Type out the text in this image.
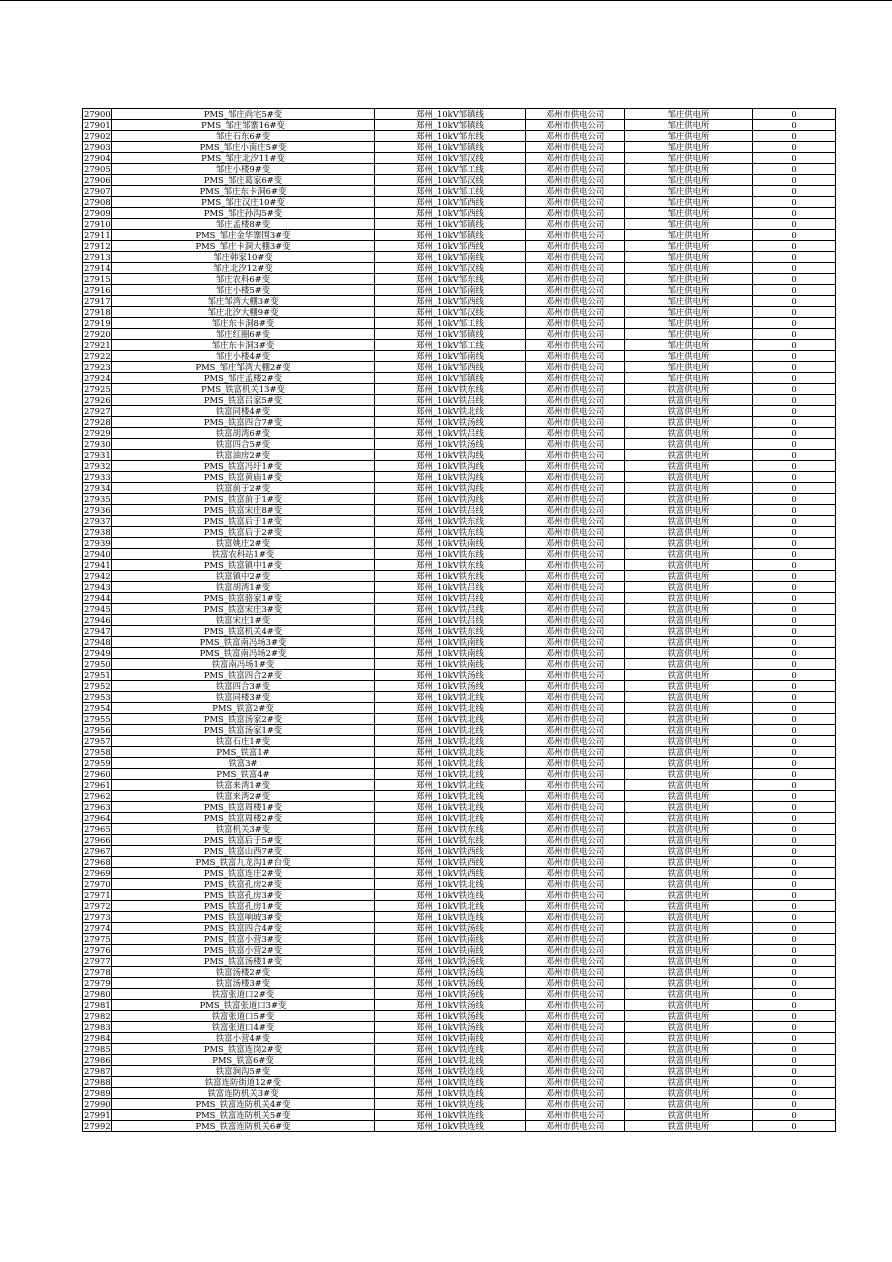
27900	PMS_邹庄尚宅5#变	郑州_10kV邹镇线	邓州市供电公司	邹庄供电所	0
27901	PMS_邹庄邹寨16#变	郑州_10kV邹镇线	邓州市供电公司	邹庄供电所	0
27902	邹庄石东6#变	郑州_10kV邹东线	邓州市供电公司	邹庄供电所	0
27903	PMS_邹庄小南庄5#变	郑州_10kV邹镇线	邓州市供电公司	邹庄供电所	0
27904	PMS_邹庄北汐11#变	郑州_10kV邹汉线	邓州市供电公司	邹庄供电所	0
27905	邹庄小楼9#变	郑州_10kV邹工线	邓州市供电公司	邹庄供电所	0
27906	PMS_邹庄葛家6#变	郑州_10kV邹汉线	邓州市供电公司	邹庄供电所	0
27907	PMS_邹庄东卡洞6#变	郑州_10kV邹工线	邓州市供电公司	邹庄供电所	0
27908	PMS_邹庄汉庄10#变	郑州_10kV邹西线	邓州市供电公司	邹庄供电所	0
27909	PMS_邹庄孙沟5#变	郑州_10kV邹西线	邓州市供电公司	邹庄供电所	0
27910	邹庄孟楼8#变	郑州_10kV邹镇线	邓州市供电公司	邹庄供电所	0
27911	PMS_邹庄金华寨围3#变	郑州_10kV邹镇线	邓州市供电公司	邹庄供电所	0
27912	PMS_邹庄卡洞大棚3#变	郑州_10kV邹西线	邓州市供电公司	邹庄供电所	0
27913	邹庄韩家10#变	郑州_10kV邹南线	邓州市供电公司	邹庄供电所	0
27914	邹庄北汐12#变	郑州_10kV邹汉线	邓州市供电公司	邹庄供电所	0
27915	邹庄农科6#变	郑州_10kV邹东线	邓州市供电公司	邹庄供电所	0
27916	邹庄小楼5#变	郑州_10kV邹南线	邓州市供电公司	邹庄供电所	0
27917	邹庄邹湾大棚3#变	郑州_10kV邹西线	邓州市供电公司	邹庄供电所	0
27918	邹庄北汐大棚9#变	郑州_10kV邹汉线	邓州市供电公司	邹庄供电所	0
27919	邹庄东卡洞8#变	郑州_10kV邹工线	邓州市供电公司	邹庄供电所	0
27920	邹庄红圈6#变	郑州_10kV邹镇线	邓州市供电公司	邹庄供电所	0
27921	邹庄东卡洞3#变	郑州_10kV邹工线	邓州市供电公司	邹庄供电所	0
27922	邹庄小楼4#变	郑州_10kV邹南线	邓州市供电公司	邹庄供电所	0
27923	PMS_邹庄邹湾大棚2#变	郑州_10kV邹西线	邓州市供电公司	邹庄供电所	0
27924	PMS_邹庄孟楼2#变	郑州_10kV邹镇线	邓州市供电公司	邹庄供电所	0
27925	PMS_铁富机关13#变	郑州_10kV铁东线	邓州市供电公司	铁富供电所	0
27926	PMS_铁富吕家5#变	郑州_10kV铁吕线	邓州市供电公司	铁富供电所	0
27927	铁富同楼4#变	郑州_10kV铁北线	邓州市供电公司	铁富供电所	0
27928	PMS_铁富四合7#变	郑州_10kV铁汤线	邓州市供电公司	铁富供电所	0
27929	铁富胡湾6#变	郑州_10kV铁吕线	邓州市供电公司	铁富供电所	0
27930	铁富四合5#变	郑州_10kV铁汤线	邓州市供电公司	铁富供电所	0
27931	铁富油房2#变	郑州_10kV铁沟线	邓州市供电公司	铁富供电所	0
27932	PMS_铁富冯圩1#变	郑州_10kV铁沟线	邓州市供电公司	铁富供电所	0
27933	PMS_铁富黄庙1#变	郑州_10kV铁沟线	邓州市供电公司	铁富供电所	0
27934	铁富前于2#变	郑州_10kV铁沟线	邓州市供电公司	铁富供电所	0
27935	PMS_铁富前于1#变	郑州_10kV铁沟线	邓州市供电公司	铁富供电所	0
27936	PMS_铁富宋庄8#变	郑州_10kV铁吕线	邓州市供电公司	铁富供电所	0
27937	PMS_铁富后于1#变	郑州_10kV铁东线	邓州市供电公司	铁富供电所	0
27938	PMS_铁富后于2#变	郑州_10kV铁东线	邓州市供电公司	铁富供电所	0
27939	铁富姚庄2#变	郑州_10kV铁南线	邓州市供电公司	铁富供电所	0
27940	铁富农科站1#变	郑州_10kV铁东线	邓州市供电公司	铁富供电所	0
27941	PMS_铁富镇中1#变	郑州_10kV铁东线	邓州市供电公司	铁富供电所	0
27942	铁富镇中2#变	郑州_10kV铁东线	邓州市供电公司	铁富供电所	0
27943	铁富胡湾1#变	郑州_10kV铁吕线	邓州市供电公司	铁富供电所	0
27944	PMS_铁富骆家1#变	郑州_10kV铁吕线	邓州市供电公司	铁富供电所	0
27945	PMS_铁富宋庄3#变	郑州_10kV铁吕线	邓州市供电公司	铁富供电所	0
27946	铁富宋庄1#变	郑州_10kV铁吕线	邓州市供电公司	铁富供电所	0
27947	PMS_铁富机关4#变	郑州_10kV铁东线	邓州市供电公司	铁富供电所	0
27948	PMS_铁富南冯场3#变	郑州_10kV铁南线	邓州市供电公司	铁富供电所	0
27949	PMS_铁富南冯场2#变	郑州_10kV铁南线	邓州市供电公司	铁富供电所	0
27950	铁富南冯场1#变	郑州_10kV铁南线	邓州市供电公司	铁富供电所	0
27951	PMS_铁富四合2#变	郑州_10kV铁汤线	邓州市供电公司	铁富供电所	0
27952	铁富四合3#变	郑州_10kV铁汤线	邓州市供电公司	铁富供电所	0
27953	铁富同楼3#变	郑州_10kV铁北线	邓州市供电公司	铁富供电所	0
27954	PMS_铁富2#变	郑州_10kV铁北线	邓州市供电公司	铁富供电所	0
27955	PMS_铁富汤家2#变	郑州_10kV铁北线	邓州市供电公司	铁富供电所	0
27956	PMS_铁富汤家1#变	郑州_10kV铁北线	邓州市供电公司	铁富供电所	0
27957	铁富石庄1#变	郑州_10kV铁北线	邓州市供电公司	铁富供电所	0
27958	PMS_铁富1#	郑州_10kV铁北线	邓州市供电公司	铁富供电所	0
27959	铁富3#	郑州_10kV铁北线	邓州市供电公司	铁富供电所	0
27960	PMS_铁富4#	郑州_10kV铁北线	邓州市供电公司	铁富供电所	0
27961	铁富来湾1#变	郑州_10kV铁北线	邓州市供电公司	铁富供电所	0
27962	铁富来湾2#变	郑州_10kV铁北线	邓州市供电公司	铁富供电所	0
27963	PMS_铁富周楼1#变	郑州_10kV铁北线	邓州市供电公司	铁富供电所	0
27964	PMS_铁富周楼2#变	郑州_10kV铁北线	邓州市供电公司	铁富供电所	0
27965	铁富机关3#变	郑州_10kV铁东线	邓州市供电公司	铁富供电所	0
27966	PMS_铁富后于5#变	郑州_10kV铁东线	邓州市供电公司	铁富供电所	0
27967	PMS_铁富山西7#变	郑州_10kV铁西线	邓州市供电公司	铁富供电所	0
27968	PMS_铁富九龙沟1#台变	郑州_10kV铁西线	邓州市供电公司	铁富供电所	0
27969	PMS_铁富连庄2#变	郑州_10kV铁西线	邓州市供电公司	铁富供电所	0
27970	PMS_铁富孔房2#变	郑州_10kV铁北线	邓州市供电公司	铁富供电所	0
27971	PMS_铁富孔房3#变	郑州_10kV铁连线	邓州市供电公司	铁富供电所	0
27972	PMS_铁富孔房1#变	郑州_10kV铁北线	邓州市供电公司	铁富供电所	0
27973	PMS_铁富响坡3#变	郑州_10kV铁连线	邓州市供电公司	铁富供电所	0
27974	PMS_铁富四合4#变	郑州_10kV铁汤线	邓州市供电公司	铁富供电所	0
27975	PMS_铁富小营3#变	郑州_10kV铁南线	邓州市供电公司	铁富供电所	0
27976	PMS_铁富小营2#变	郑州_10kV铁南线	邓州市供电公司	铁富供电所	0
27977	PMS_铁富汤楼1#变	郑州_10kV铁汤线	邓州市供电公司	铁富供电所	0
27978	铁富汤楼2#变	郑州_10kV铁汤线	邓州市供电公司	铁富供电所	0
27979	铁富汤楼3#变	郑州_10kV铁汤线	邓州市供电公司	铁富供电所	0
27980	铁富张道口2#变	郑州_10kV铁汤线	邓州市供电公司	铁富供电所	0
27981	PMS_铁富张道口3#变	郑州_10kV铁汤线	邓州市供电公司	铁富供电所	0
27982	铁富张道口5#变	郑州_10kV铁汤线	邓州市供电公司	铁富供电所	0
27983	铁富张道口4#变	郑州_10kV铁汤线	邓州市供电公司	铁富供电所	0
27984	铁富小营4#变	郑州_10kV铁南线	邓州市供电公司	铁富供电所	0
27985	PMS_铁富连岗2#变	郑州_10kV铁连线	邓州市供电公司	铁富供电所	0
27986	PMS_铁富6#变	郑州_10kV铁北线	邓州市供电公司	铁富供电所	0
27987	铁富涧沟5#变	郑州_10kV铁连线	邓州市供电公司	铁富供电所	0
27988	铁富连防街道12#变	郑州_10kV铁连线	邓州市供电公司	铁富供电所	0
27989	铁富连防机关3#变	郑州_10kV铁连线	邓州市供电公司	铁富供电所	0
27990	PMS_铁富连防机关4#变	郑州_10kV铁连线	邓州市供电公司	铁富供电所	0
27991	PMS_铁富连防机关5#变	郑州_10kV铁连线	邓州市供电公司	铁富供电所	0
27992	PMS_铁富连防机关6#变	郑州_10kV铁连线	邓州市供电公司	铁富供电所	0
